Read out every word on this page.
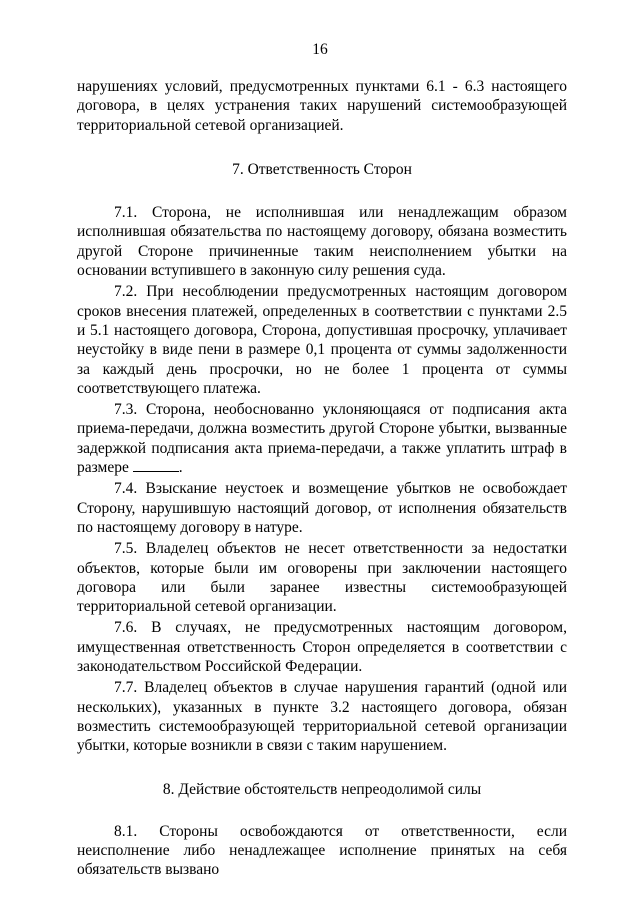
16

нарушениях условий, предусмотренных пунктами 6.1 - 6.3 настоящего договора, в целях устранения таких нарушений системообразующей территориальной сетевой организацией.

7. Ответственность Сторон

7.1. Сторона, не исполнившая или ненадлежащим образом исполнившая обязательства по настоящему договору, обязана возместить другой Стороне причиненные таким неисполнением убытки на основании вступившего в законную силу решения суда.

7.2. При несоблюдении предусмотренных настоящим договором сроков внесения платежей, определенных в соответствии с пунктами 2.5 и 5.1 настоящего договора, Сторона, допустившая просрочку, уплачивает неустойку в виде пени в размере 0,1 процента от суммы задолженности за каждый день просрочки, но не более 1 процента от суммы соответствующего платежа.

7.3. Сторона, необоснованно уклоняющаяся от подписания акта приема-передачи, должна возместить другой Стороне убытки, вызванные задержкой подписания акта приема-передачи, а также уплатить штраф в размере	.

7.4. Взыскание неустоек и возмещение убытков не освобождает Сторону, нарушившую настоящий договор, от исполнения обязательств по настоящему договору в натуре.

7.5. Владелец объектов не несет ответственности за недостатки объектов, которые были им оговорены при заключении настоящего договора или были заранее известны системообразующей территориальной сетевой организации.

7.6. В случаях, не предусмотренных настоящим договором, имущественная ответственность Сторон определяется в соответствии с законодательством Российской Федерации.

7.7. Владелец объектов в случае нарушения гарантий (одной или нескольких), указанных в пункте 3.2 настоящего договора, обязан возместить системообразующей территориальной сетевой организации убытки, которые возникли в связи с таким нарушением.

8. Действие обстоятельств непреодолимой силы

8.1. Стороны освобождаются от ответственности, если неисполнение либо ненадлежащее исполнение принятых на себя обязательств вызвано
